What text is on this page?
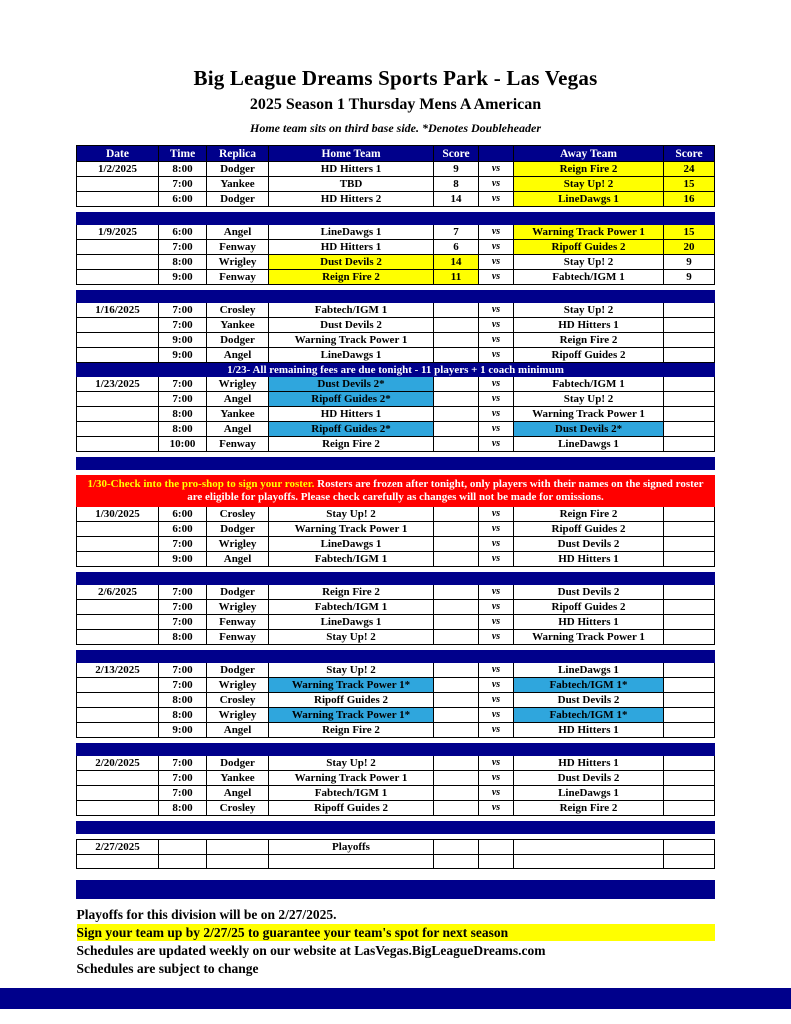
Big League Dreams Sports Park - Las Vegas
2025 Season 1 Thursday Mens A American
Home team sits on third base side. *Denotes Doubleheader
Date	Time	Replica	Home Team	Score		Away Team	Score
1/2/2025	8:00	Dodger	HD Hitters 1	9	vs	Reign Fire 2	24
	7:00	Yankee	TBD	8	vs	Stay Up! 2	15
	6:00	Dodger	HD Hitters 2	14	vs	LineDawgs 1	16

1/9/2025	6:00	Angel	LineDawgs 1	7	vs	Warning Track Power 1	15
	7:00	Fenway	HD Hitters 1	6	vs	Ripoff Guides 2	20
	8:00	Wrigley	Dust Devils 2	14	vs	Stay Up! 2	9
	9:00	Fenway	Reign Fire 2	11	vs	Fabtech/IGM 1	9

1/16/2025	7:00	Crosley	Fabtech/IGM 1		vs	Stay Up! 2	
	7:00	Yankee	Dust Devils 2		vs	HD Hitters 1	
	9:00	Dodger	Warning Track Power 1		vs	Reign Fire 2	
	9:00	Angel	LineDawgs 1		vs	Ripoff Guides 2	
1/23- All remaining fees are due tonight - 11 players + 1 coach minimum							
1/23/2025	7:00	Wrigley	Dust Devils 2*		vs	Fabtech/IGM 1	
	7:00	Angel	Ripoff Guides 2*		vs	Stay Up! 2	
	8:00	Yankee	HD Hitters 1		vs	Warning Track Power 1	
	8:00	Angel	Ripoff Guides 2*		vs	Dust Devils 2*	
	10:00	Fenway	Reign Fire 2		vs	LineDawgs 1	

1/30-Check into the pro-shop to sign your roster. Rosters are frozen after tonight, only players with their names on the signed roster are eligible for playoffs. Please check carefully as changes will not be made for omissions.							
1/30/2025	6:00	Crosley	Stay Up! 2		vs	Reign Fire 2	
	6:00	Dodger	Warning Track Power 1		vs	Ripoff Guides 2	
	7:00	Wrigley	LineDawgs 1		vs	Dust Devils 2	
	9:00	Angel	Fabtech/IGM 1		vs	HD Hitters 1	

2/6/2025	7:00	Dodger	Reign Fire 2		vs	Dust Devils 2	
	7:00	Wrigley	Fabtech/IGM 1		vs	Ripoff Guides 2	
	7:00	Fenway	LineDawgs 1		vs	HD Hitters 1	
	8:00	Fenway	Stay Up! 2		vs	Warning Track Power 1	

2/13/2025	7:00	Dodger	Stay Up! 2		vs	LineDawgs 1	
	7:00	Wrigley	Warning Track Power 1*		vs	Fabtech/IGM 1*	
	8:00	Crosley	Ripoff Guides 2		vs	Dust Devils 2	
	8:00	Wrigley	Warning Track Power 1*		vs	Fabtech/IGM 1*	
	9:00	Angel	Reign Fire 2		vs	HD Hitters 1	

2/20/2025	7:00	Dodger	Stay Up! 2		vs	HD Hitters 1	
	7:00	Yankee	Warning Track Power 1		vs	Dust Devils 2	
	7:00	Angel	Fabtech/IGM 1		vs	LineDawgs 1	
	8:00	Crosley	Ripoff Guides 2		vs	Reign Fire 2	

2/27/2025			Playoffs				

Playoffs for this division will be on 2/27/2025.
Sign your team up by 2/27/25 to guarantee your team's spot for next season
Schedules are updated weekly on our website at LasVegas.BigLeagueDreams.com
Schedules are subject to change
